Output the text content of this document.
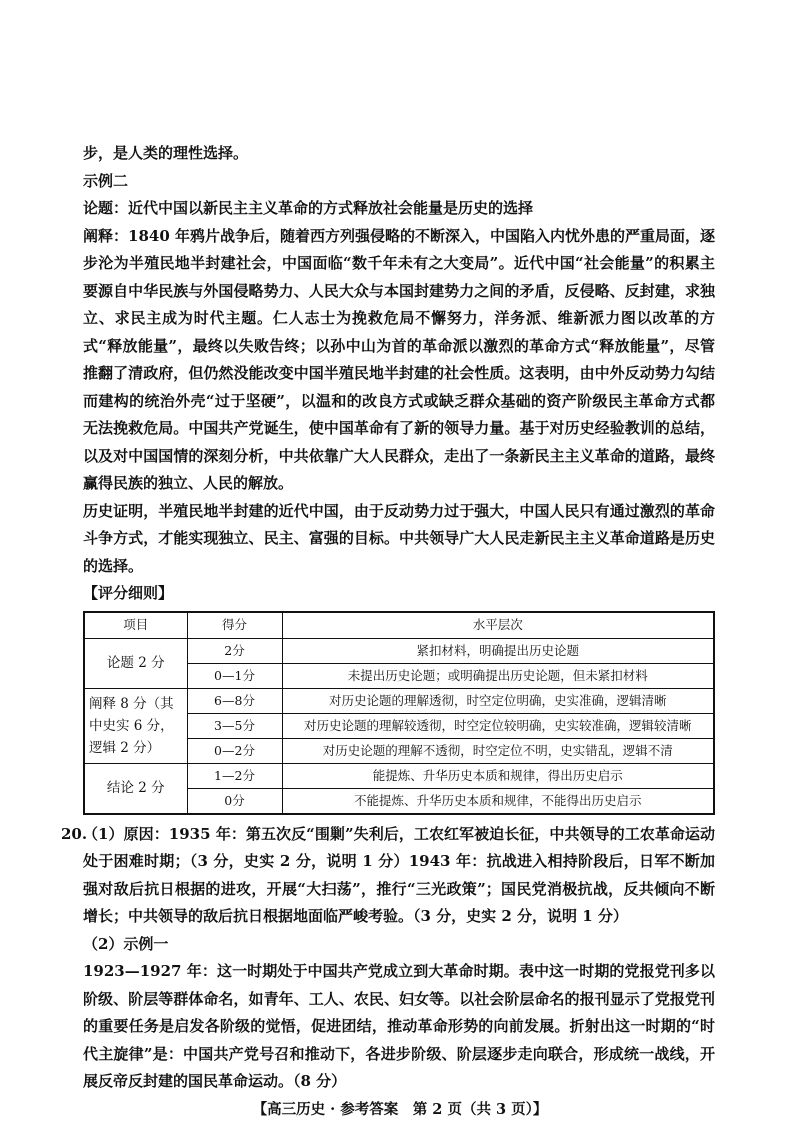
步，是人类的理性选择。

示例二

论题：近代中国以新民主主义革命的方式释放社会能量是历史的选择

阐释：1840 年鸦片战争后，随着西方列强侵略的不断深入，中国陷入内忧外患的严重局面，逐步沦为半殖民地半封建社会，中国面临“数千年未有之大变局”。近代中国“社会能量”的积累主要源自中华民族与外国侵略势力、人民大众与本国封建势力之间的矛盾，反侵略、反封建，求独立、求民主成为时代主题。仁人志士为挽救危局不懈努力，洋务派、维新派力图以改革的方式“释放能量”，最终以失败告终；以孙中山为首的革命派以激烈的革命方式“释放能量”，尽管推翻了清政府，但仍然没能改变中国半殖民地半封建的社会性质。这表明，由中外反动势力勾结而建构的统治外壳“过于坚硬”，以温和的改良方式或缺乏群众基础的资产阶级民主革命方式都无法挽救危局。中国共产党诞生，使中国革命有了新的领导力量。基于对历史经验教训的总结，以及对中国国情的深刻分析，中共依靠广大人民群众，走出了一条新民主主义革命的道路，最终赢得民族的独立、人民的解放。

历史证明，半殖民地半封建的近代中国，由于反动势力过于强大，中国人民只有通过激烈的革命斗争方式，才能实现独立、民主、富强的目标。中共领导广大人民走新民主主义革命道路是历史的选择。

【评分细则】

项目	得分	水平层次
论题 2 分	2分	紧扣材料，明确提出历史论题
	0—1分	未提出历史论题；或明确提出历史论题，但未紧扣材料
阐释 8 分（其中史实 6 分，逻辑 2 分）	6—8分	对历史论题的理解透彻，时空定位明确，史实准确，逻辑清晰
	3—5分	对历史论题的理解较透彻，时空定位较明确，史实较准确，逻辑较清晰
	0—2分	对历史论题的理解不透彻，时空定位不明，史实错乱，逻辑不清
结论 2 分	1—2分	能提炼、升华历史本质和规律，得出历史启示
	0分	不能提炼、升华历史本质和规律，不能得出历史启示

20.
（1）原因：1935 年：第五次反“围剿”失利后，工农红军被迫长征，中共领导的工农革命运动处于困难时期；（3 分，史实 2 分，说明 1 分）1943 年：抗战进入相持阶段后，日军不断加强对敌后抗日根据的进攻，开展“大扫荡”，推行“三光政策”；国民党消极抗战，反共倾向不断增长；中共领导的敌后抗日根据地面临严峻考验。（3 分，史实 2 分，说明 1 分）

（2）示例一

1923—1927 年：这一时期处于中国共产党成立到大革命时期。表中这一时期的党报党刊多以阶级、阶层等群体命名，如青年、工人、农民、妇女等。以社会阶层命名的报刊显示了党报党刊的重要任务是启发各阶级的觉悟，促进团结，推动革命形势的向前发展。折射出这一时期的“时代主旋律”是：中国共产党号召和推动下，各进步阶级、阶层逐步走向联合，形成统一战线，开展反帝反封建的国民革命运动。（8 分）

【高三历史 · 参考答案　第 2 页（共 3 页）】
